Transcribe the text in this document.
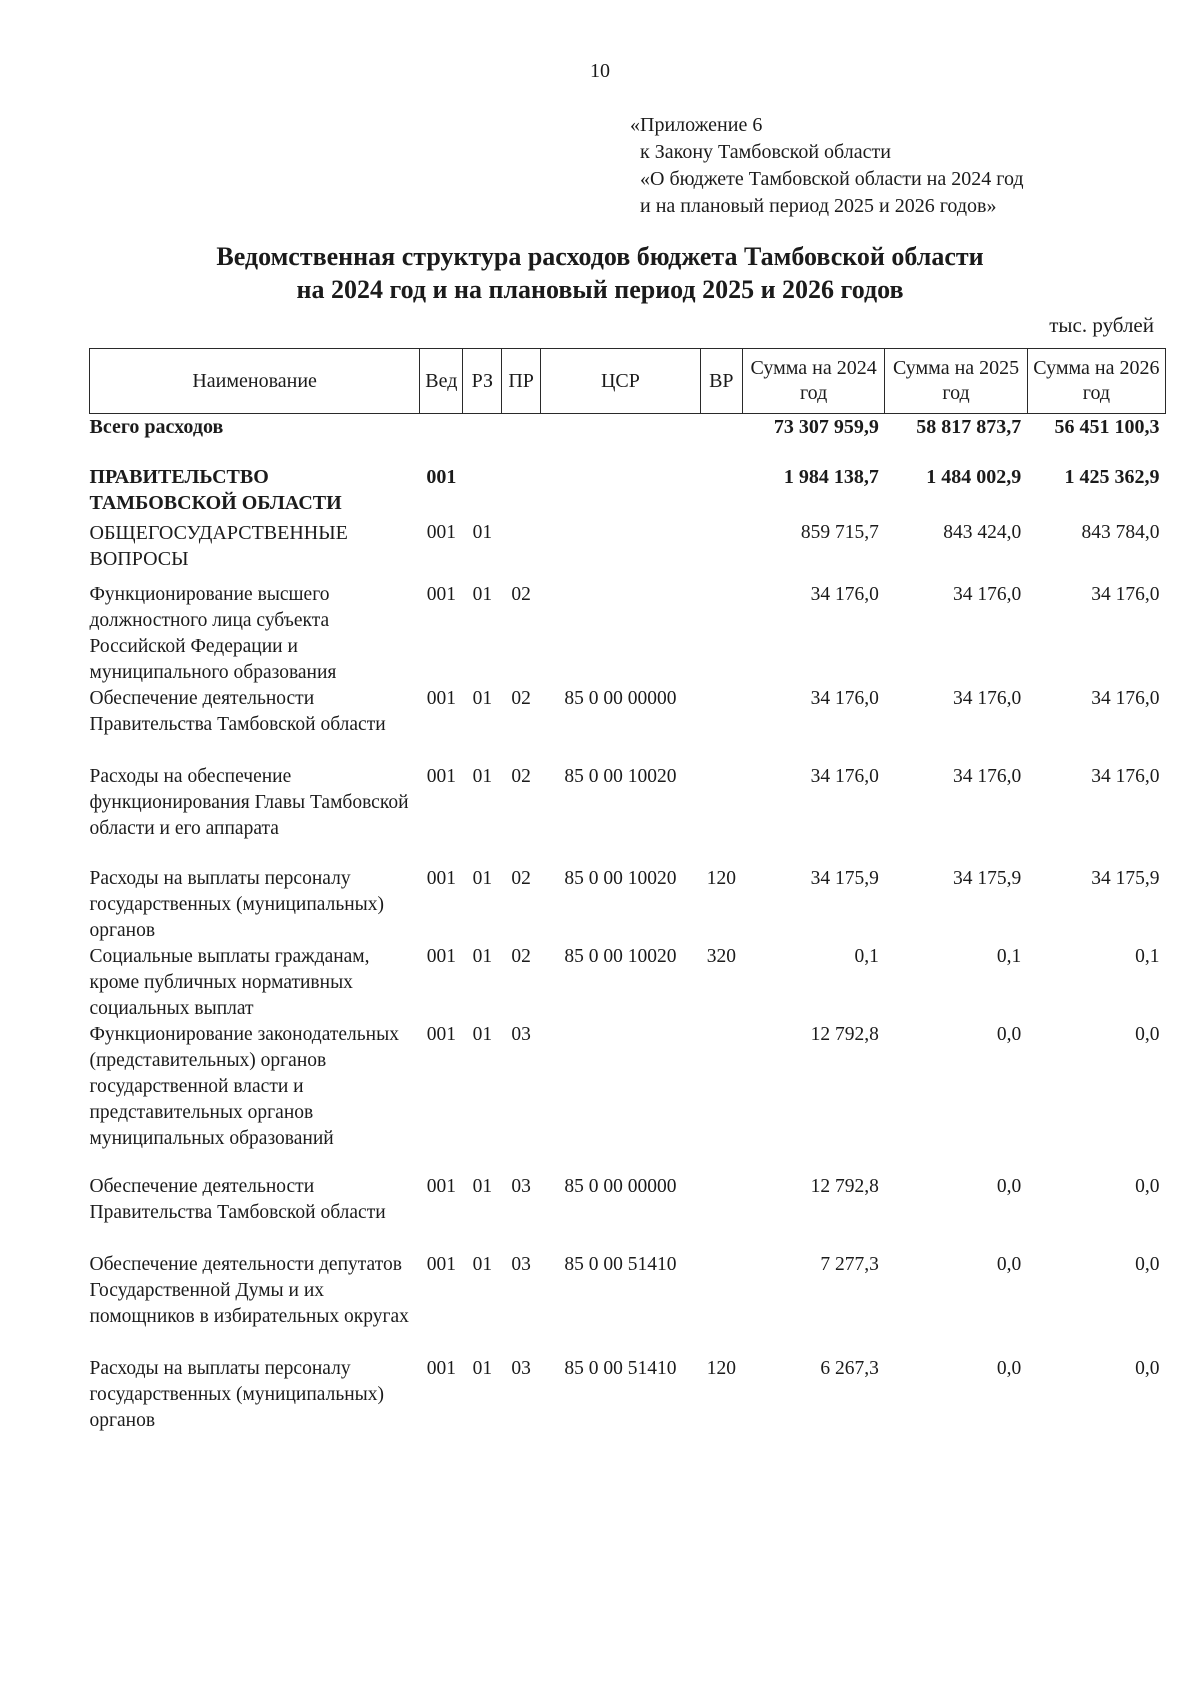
10
«Приложение 6
к Закону Тамбовской области
«О бюджете Тамбовской области на 2024 год
и на плановый период 2025 и 2026 годов»
Ведомственная структура расходов бюджета Тамбовской области
на 2024 год и на плановый период 2025 и 2026 годов
тыс. рублей
Наименование	Вед	РЗ	ПР	ЦСР	ВР	Сумма на 2024 год	Сумма на 2025 год	Сумма на 2026 год
Всего расходов						73 307 959,9	58 817 873,7	56 451 100,3
ПРАВИТЕЛЬСТВО ТАМБОВСКОЙ ОБЛАСТИ	001					1 984 138,7	1 484 002,9	1 425 362,9
ОБЩЕГОСУДАРСТВЕННЫЕ ВОПРОСЫ	001	01				859 715,7	843 424,0	843 784,0
Функционирование высшего должностного лица субъекта Российской Федерации и муниципального образования	001	01	02			34 176,0	34 176,0	34 176,0
Обеспечение деятельности Правительства Тамбовской области	001	01	02	85 0 00 00000		34 176,0	34 176,0	34 176,0
Расходы на обеспечение функционирования Главы Тамбовской области и его аппарата	001	01	02	85 0 00 10020		34 176,0	34 176,0	34 176,0
Расходы на выплаты персоналу государственных (муниципальных) органов	001	01	02	85 0 00 10020	120	34 175,9	34 175,9	34 175,9
Социальные выплаты гражданам, кроме публичных нормативных социальных выплат	001	01	02	85 0 00 10020	320	0,1	0,1	0,1
Функционирование законодательных (представительных) органов государственной власти и представительных органов муниципальных образований	001	01	03			12 792,8	0,0	0,0
Обеспечение деятельности Правительства Тамбовской области	001	01	03	85 0 00 00000		12 792,8	0,0	0,0
Обеспечение деятельности депутатов Государственной Думы и их помощников в избирательных округах	001	01	03	85 0 00 51410		7 277,3	0,0	0,0
Расходы на выплаты персоналу государственных (муниципальных) органов	001	01	03	85 0 00 51410	120	6 267,3	0,0	0,0
